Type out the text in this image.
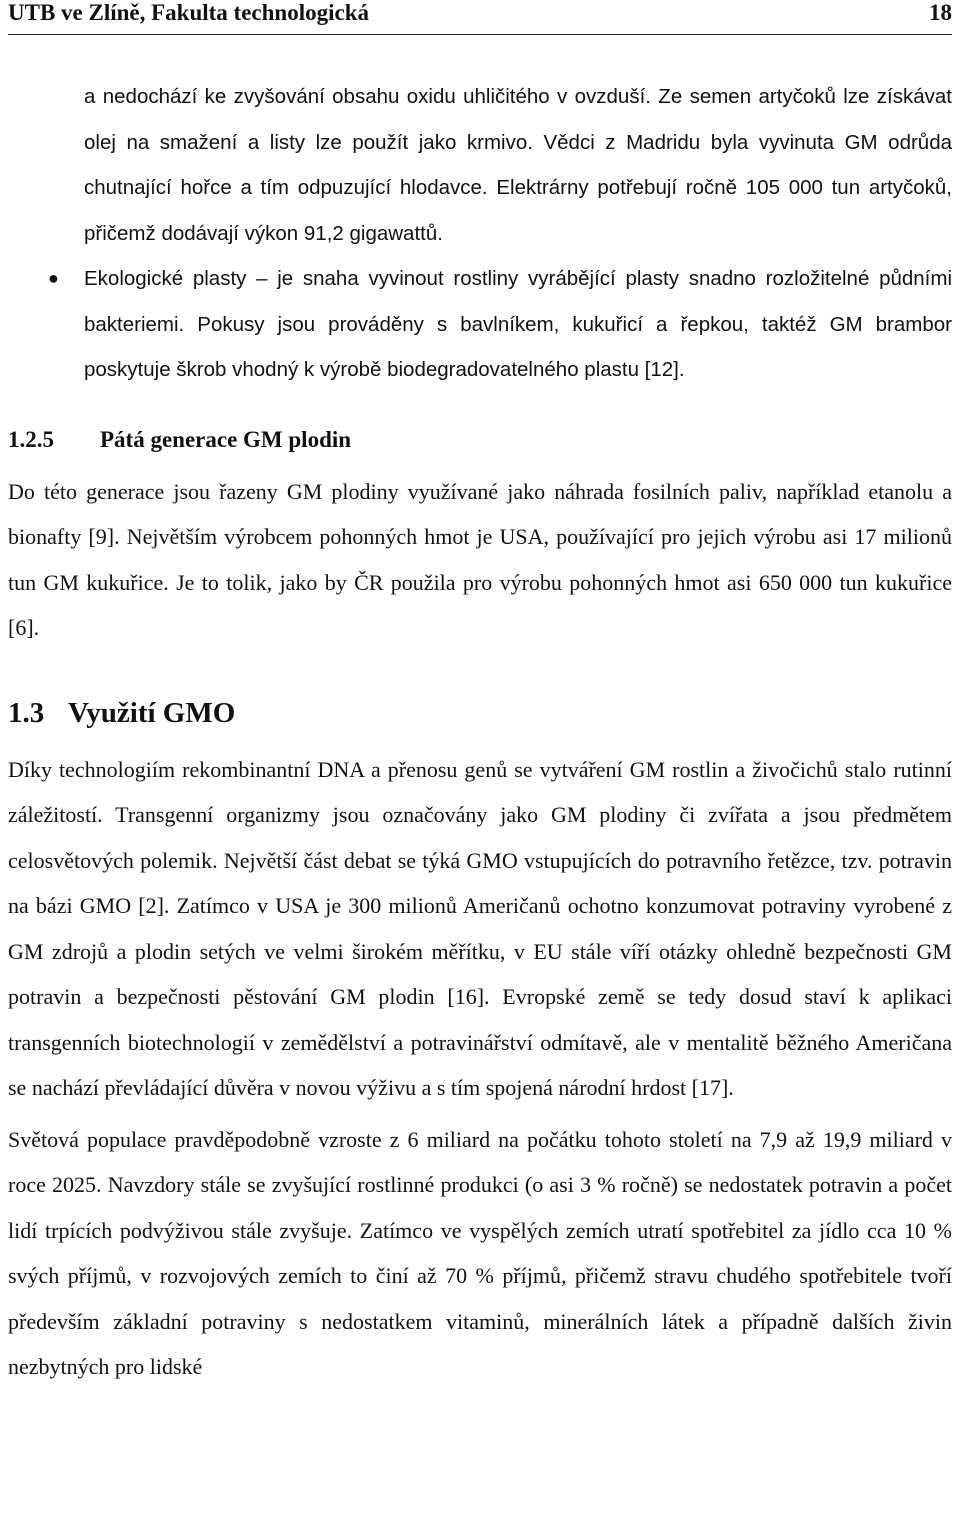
UTB ve Zlíně, Fakulta technologická	18

a nedochází ke zvyšování obsahu oxidu uhličitého v ovzduší. Ze semen artyčoků lze získávat olej na smažení a listy lze použít jako krmivo. Vědci z Madridu byla vyvinuta GM odrůda chutnající hořce a tím odpuzující hlodavce. Elektrárny potřebují ročně 105 000 tun artyčoků, přičemž dodávají výkon 91,2 gigawattů.

● Ekologické plasty – je snaha vyvinout rostliny vyrábějící plasty snadno rozložitelné půdními bakteriemi. Pokusy jsou prováděny s bavlníkem, kukuřicí a řepkou, taktéž GM brambor poskytuje škrob vhodný k výrobě biodegradovatelného plastu [12].

1.2.5 Pátá generace GM plodin

Do této generace jsou řazeny GM plodiny využívané jako náhrada fosilních paliv, například etanolu a bionafty [9]. Největším výrobcem pohonných hmot je USA, používající pro jejich výrobu asi 17 milionů tun GM kukuřice. Je to tolik, jako by ČR použila pro výrobu pohonných hmot asi 650 000 tun kukuřice [6].

1.3 Využití GMO

Díky technologiím rekombinantní DNA a přenosu genů se vytváření GM rostlin a živočichů stalo rutinní záležitostí. Transgenní organizmy jsou označovány jako GM plodiny či zvířata a jsou předmětem celosvětových polemik. Největší část debat se týká GMO vstupujících do potravního řetězce, tzv. potravin na bázi GMO [2]. Zatímco v USA je 300 milionů Američanů ochotno konzumovat potraviny vyrobené z GM zdrojů a plodin setých ve velmi širokém měřítku, v EU stále víří otázky ohledně bezpečnosti GM potravin a bezpečnosti pěstování GM plodin [16]. Evropské země se tedy dosud staví k aplikaci transgenních biotechnologií v zemědělství a potravinářství odmítavě, ale v mentalitě běžného Američana se nachází převládající důvěra v novou výživu a s tím spojená národní hrdost [17].

Světová populace pravděpodobně vzroste z 6 miliard na počátku tohoto století na 7,9 až 19,9 miliard v roce 2025. Navzdory stále se zvyšující rostlinné produkci (o asi 3 % ročně) se nedostatek potravin a počet lidí trpících podvýživou stále zvyšuje. Zatímco ve vyspělých zemích utratí spotřebitel za jídlo cca 10 % svých příjmů, v rozvojových zemích to činí až 70 % příjmů, přičemž stravu chudého spotřebitele tvoří především základní potraviny s nedostatkem vitaminů, minerálních látek a případně dalších živin nezbytných pro lidské
